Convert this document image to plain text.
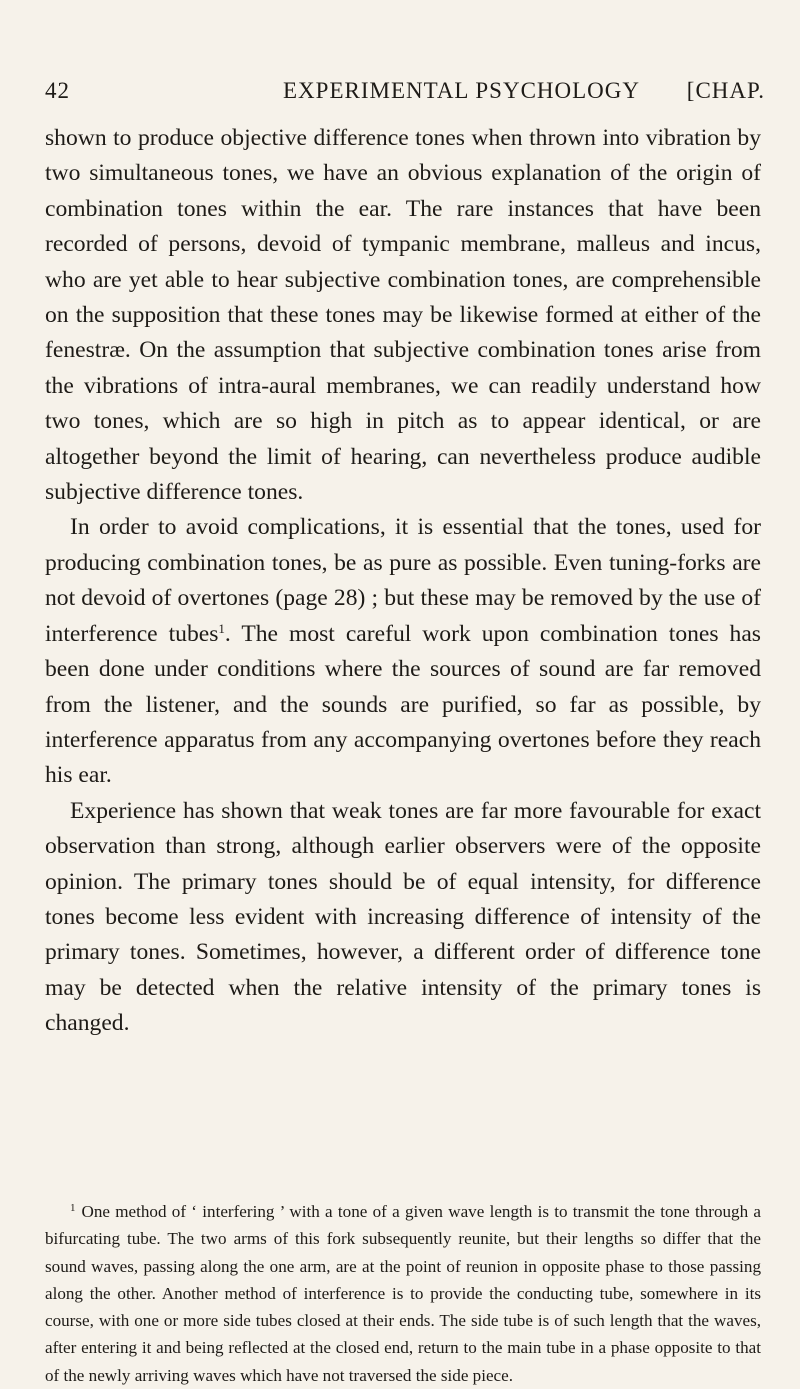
42	EXPERIMENTAL PSYCHOLOGY [CHAP.

shown to produce objective difference tones when thrown into vibration by two simultaneous tones, we have an obvious explanation of the origin of combination tones within the ear. The rare instances that have been recorded of persons, devoid of tympanic membrane, malleus and incus, who are yet able to hear subjective combination tones, are comprehensible on the supposition that these tones may be likewise formed at either of the fenestræ. On the assumption that subjective combination tones arise from the vibrations of intra-aural membranes, we can readily understand how two tones, which are so high in pitch as to appear identical, or are altogether beyond the limit of hearing, can nevertheless produce audible subjective difference tones.

In order to avoid complications, it is essential that the tones, used for producing combination tones, be as pure as possible. Even tuning-forks are not devoid of overtones (page 28) ; but these may be removed by the use of interference tubes$^1$. The most careful work upon combination tones has been done under conditions where the sources of sound are far removed from the listener, and the sounds are purified, so far as possible, by interference apparatus from any accompanying overtones before they reach his ear.

Experience has shown that weak tones are far more favourable for exact observation than strong, although earlier observers were of the opposite opinion. The primary tones should be of equal intensity, for difference tones become less evident with increasing difference of intensity of the primary tones. Sometimes, however, a different order of difference tone may be detected when the relative intensity of the primary tones is changed.

$^1$ One method of ‘ interfering ’ with a tone of a given wave length is to transmit the tone through a bifurcating tube. The two arms of this fork subsequently reunite, but their lengths so differ that the sound waves, passing along the one arm, are at the point of reunion in opposite phase to those passing along the other. Another method of interference is to provide the conducting tube, somewhere in its course, with one or more side tubes closed at their ends. The side tube is of such length that the waves, after entering it and being reflected at the closed end, return to the main tube in a phase opposite to that of the newly arriving waves which have not traversed the side piece.
